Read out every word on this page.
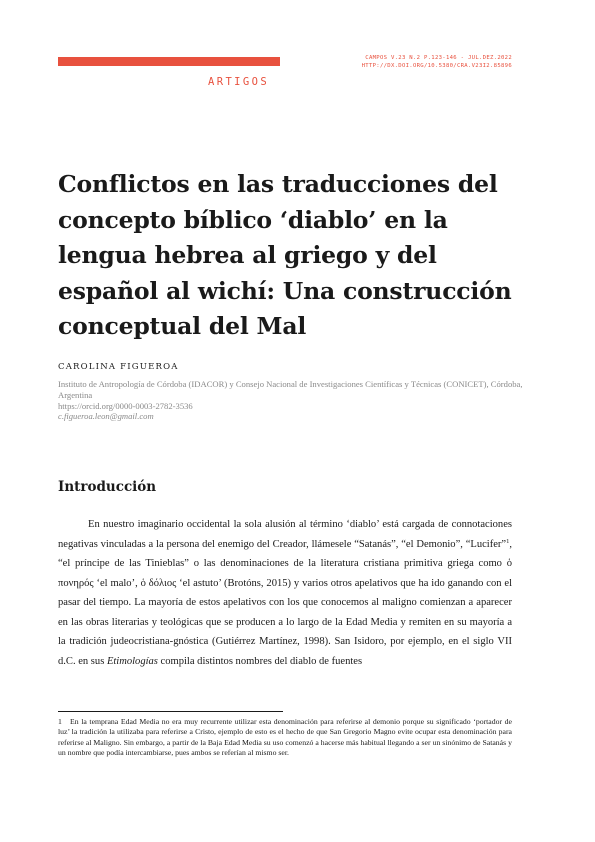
CAMPOS V.23 N.2 P.123-146 - JUL.DEZ.2022
HTTP://DX.DOI.ORG/10.5380/CRA.V23I2.85896
ARTIGOS
Conflictos en las traducciones del concepto bíblico ‘diablo’ en la lengua hebrea al griego y del español al wichí: Una construcción conceptual del Mal
CAROLINA FIGUEROA
Instituto de Antropología de Córdoba (IDACOR) y Consejo Nacional de Investigaciones Científicas y Técnicas (CONICET), Córdoba, Argentina
https://orcid.org/0000-0003-2782-3536
c.figueroa.leon@gmail.com
Introducción

En nuestro imaginario occidental la sola alusión al término ‘diablo’ está cargada de connotaciones negativas vinculadas a la persona del enemigo del Creador, llámesele “Satanás”, “el Demonio”, “Lucifer”$^1$, “el príncipe de las Tinieblas” o las denominaciones de la literatura cristiana primitiva griega como ὁ πονηρός ‘el malo’, ὁ δόλιος ‘el astuto’ (Brotóns, 2015) y varios otros apelativos que ha ido ganando con el pasar del tiempo. La mayoría de estos apelativos con los que conocemos al maligno comienzan a aparecer en las obras literarias y teológicas que se producen a lo largo de la Edad Media y remiten en su mayoría a la tradición judeocristiana-gnóstica (Gutiérrez Martínez, 1998). San Isidoro, por ejemplo, en el siglo VII d.C. en sus Etimologías compila distintos nombres del diablo de fuentes

1 En la temprana Edad Media no era muy recurrente utilizar esta denominación para referirse al demonio porque su significado ‘portador de luz’ la tradición la utilizaba para referirse a Cristo, ejemplo de esto es el hecho de que San Gregorio Magno evite ocupar esta denominación para referirse al Maligno. Sin embargo, a partir de la Baja Edad Media su uso comenzó a hacerse más habitual llegando a ser un sinónimo de Satanás y un nombre que podía intercambiarse, pues ambos se referían al mismo ser.
